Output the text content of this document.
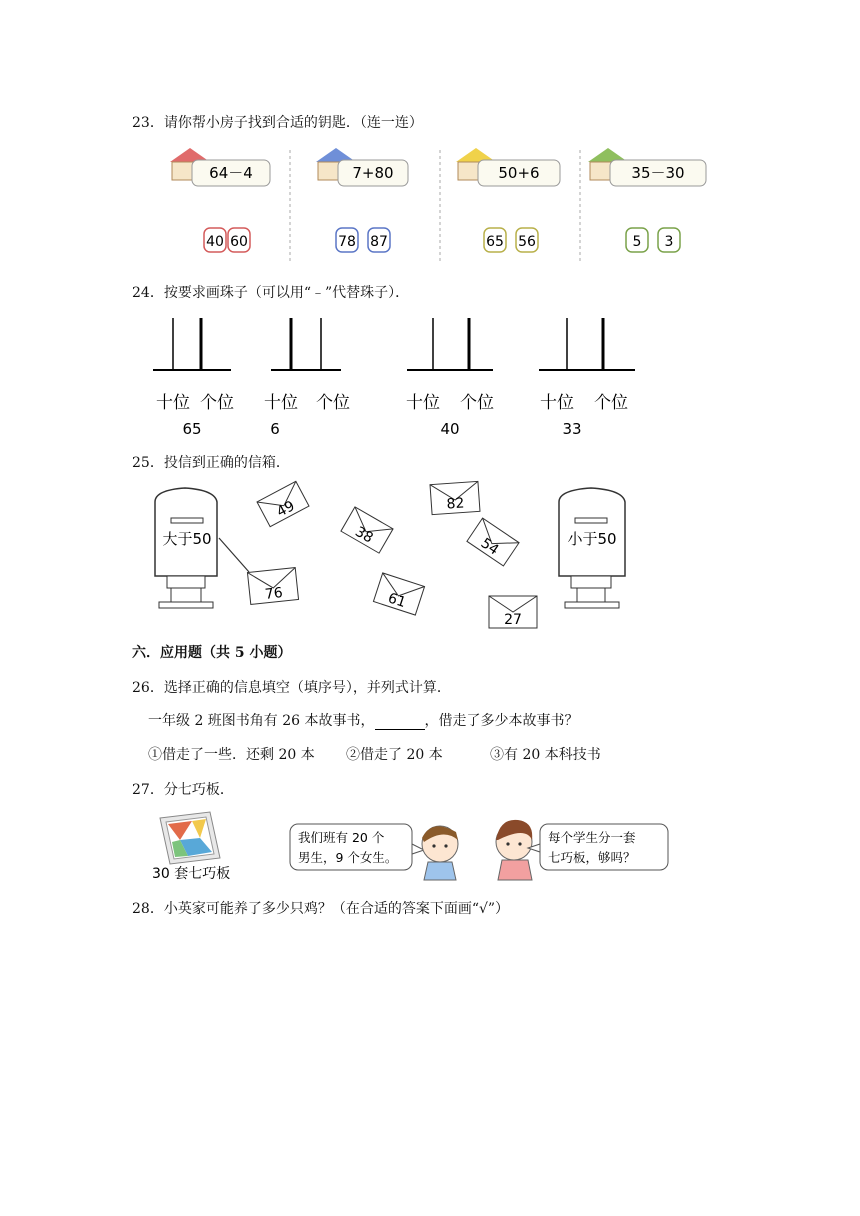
23．请你帮小房子找到合适的钥匙．（连一连）
64－4	7+80	50+6	35－30
40 60	78 87	65 56	5 3
24．按要求画珠子（可以用“﹣”代替珠子）．
十位 个位
65
十位 个位
6
十位 个位
40
十位 个位
33
25．投信到正确的信箱．
大于50	小于50
49
38
82
54
76	61
27
六．应用题（共 5 小题）
26．选择正确的信息填空（填序号），并列式计算．
一年级 2 班图书角有 26 本故事书，	，借走了多少本故事书？
①借走了一些．还剩 20 本 ②借走了 20 本	③有 20 本科技书
27．分七巧板．
30 套七巧板
我们班有 20 个
男生，9 个女生。
每个学生分一套
七巧板，够吗？
28．小英家可能养了多少只鸡？（在合适的答案下面画“√”）
